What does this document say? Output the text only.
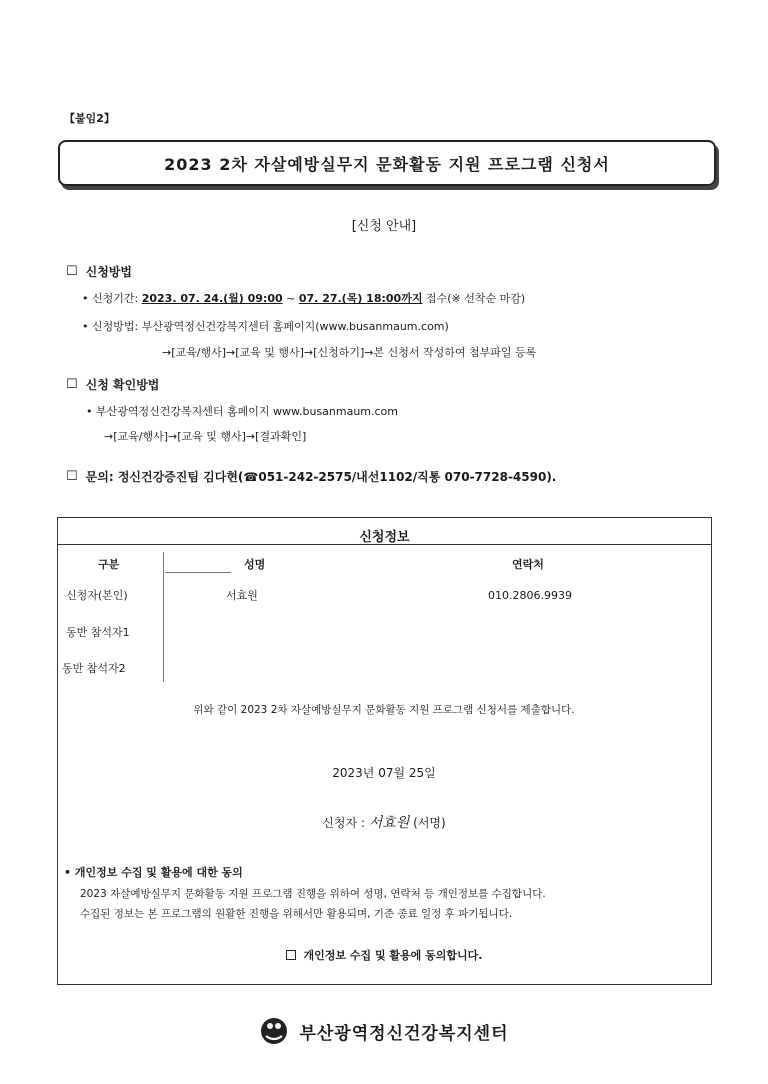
【붙임2】
2023 2차 자살예방실무지 문화활동 지원 프로그램 신청서
[신청 안내]
☐ 신청방법
• 신청기간: 2023. 07. 24.(월) 09:00 ~ 07. 27.(목) 18:00까지 접수(※ 선착순 마감)
• 신청방법: 부산광역정신건강복지센터 홈페이지(www.busanmaum.com)
→[교육/행사]→[교육 및 행사]→[신청하기]→본 신청서 작성하여 첨부파일 등록
☐ 신청 확인방법
• 부산광역정신건강복지센터 홈페이지 www.busanmaum.com
→[교육/행사]→[교육 및 행사]→[결과확인]
☐ 문의: 정신건강증진팀 김다현(☎051-242-2575/내선1102/직통 070-7728-4590).
신청정보
구분	성명	연락처
신청자(본인)	서효원	010.2806.9939
동반 참석자1
동반 참석자2
위와 같이 2023 2차 자살예방실무지 문화활동 지원 프로그램 신청서를 제출합니다.
2023년 07월 25일
신청자 : 서효원 (서명)
• 개인정보 수집 및 활용에 대한 동의
2023 자살예방실무지 문화활동 지원 프로그램 진행을 위하여 성명, 연락처 등 개인정보를 수집합니다.
수집된 정보는 본 프로그램의 원활한 진행을 위해서만 활용되며, 기준 종료 일정 후 파기됩니다.
개인정보 수집 및 활용에 동의합니다.
부산광역정신건강복지센터
